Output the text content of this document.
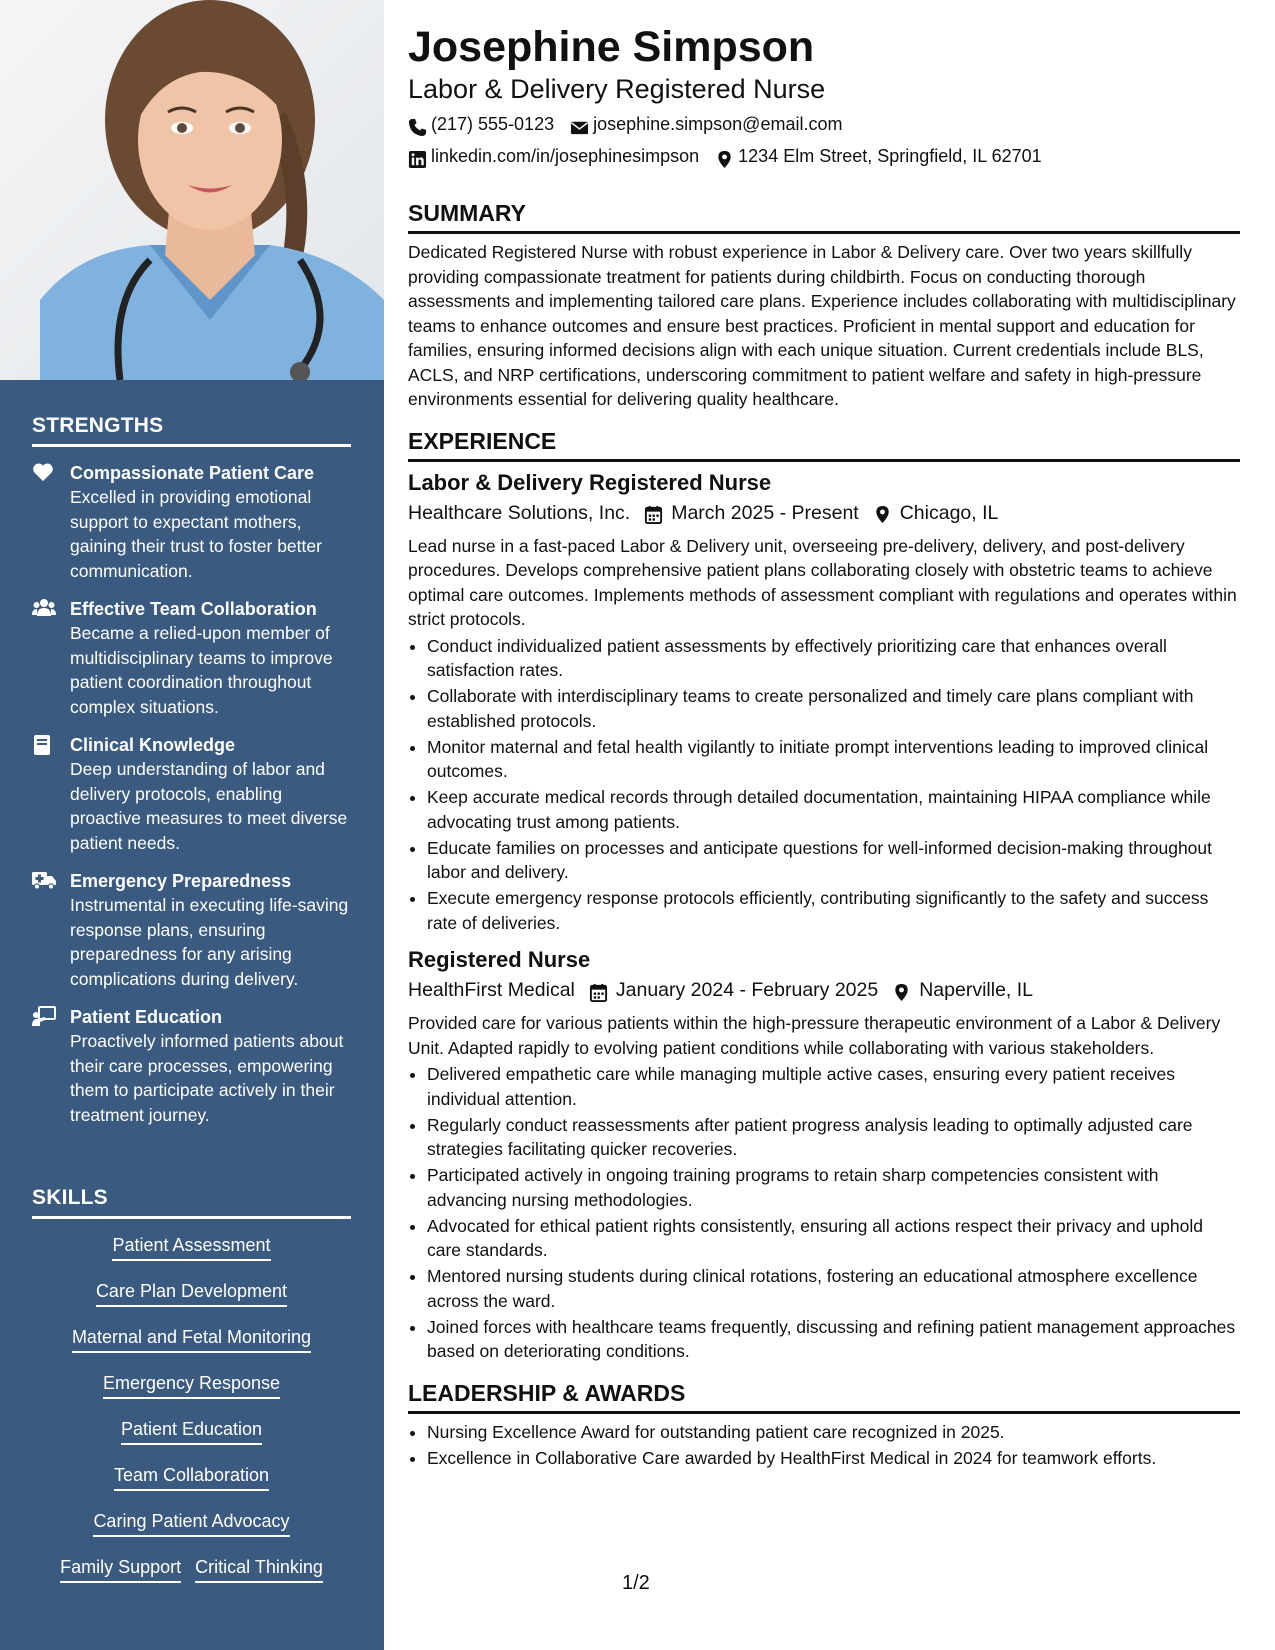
STRENGTHS
Compassionate Patient Care
Excelled in providing emotional support to expectant mothers, gaining their trust to foster better communication.
Effective Team Collaboration
Became a relied-upon member of multidisciplinary teams to improve patient coordination throughout complex situations.
Clinical Knowledge
Deep understanding of labor and delivery protocols, enabling proactive measures to meet diverse patient needs.
Emergency Preparedness
Instrumental in executing life-saving response plans, ensuring preparedness for any arising complications during delivery.
Patient Education
Proactively informed patients about their care processes, empowering them to participate actively in their treatment journey.
SKILLS
Patient Assessment
Care Plan Development
Maternal and Fetal Monitoring
Emergency Response
Patient Education
Team Collaboration
Caring Patient Advocacy
Family Support Critical Thinking
Josephine Simpson
Labor & Delivery Registered Nurse
(217) 555-0123 josephine.simpson@email.com
linkedin.com/in/josephinesimpson 1234 Elm Street, Springfield, IL 62701
SUMMARY

Dedicated Registered Nurse with robust experience in Labor & Delivery care. Over two years skillfully providing compassionate treatment for patients during childbirth. Focus on conducting thorough assessments and implementing tailored care plans. Experience includes collaborating with multidisciplinary teams to enhance outcomes and ensure best practices. Proficient in mental support and education for families, ensuring informed decisions align with each unique situation. Current credentials include BLS, ACLS, and NRP certifications, underscoring commitment to patient welfare and safety in high-pressure environments essential for delivering quality healthcare.

EXPERIENCE
Labor & Delivery Registered Nurse
Healthcare Solutions, Inc. March 2025 - Present Chicago, IL

Lead nurse in a fast-paced Labor & Delivery unit, overseeing pre-delivery, delivery, and post-delivery procedures. Develops comprehensive patient plans collaborating closely with obstetric teams to achieve optimal care outcomes. Implements methods of assessment compliant with regulations and operates within strict protocols.

• Conduct individualized patient assessments by effectively prioritizing care that enhances overall satisfaction rates.
• Collaborate with interdisciplinary teams to create personalized and timely care plans compliant with established protocols.
• Monitor maternal and fetal health vigilantly to initiate prompt interventions leading to improved clinical outcomes.
• Keep accurate medical records through detailed documentation, maintaining HIPAA compliance while advocating trust among patients.
• Educate families on processes and anticipate questions for well-informed decision-making throughout labor and delivery.
• Execute emergency response protocols efficiently, contributing significantly to the safety and success rate of deliveries.
Registered Nurse
HealthFirst Medical January 2024 - February 2025 Naperville, IL

Provided care for various patients within the high-pressure therapeutic environment of a Labor & Delivery Unit. Adapted rapidly to evolving patient conditions while collaborating with various stakeholders.

• Delivered empathetic care while managing multiple active cases, ensuring every patient receives individual attention.
• Regularly conduct reassessments after patient progress analysis leading to optimally adjusted care strategies facilitating quicker recoveries.
• Participated actively in ongoing training programs to retain sharp competencies consistent with advancing nursing methodologies.
• Advocated for ethical patient rights consistently, ensuring all actions respect their privacy and uphold care standards.
• Mentored nursing students during clinical rotations, fostering an educational atmosphere excellence across the ward.
• Joined forces with healthcare teams frequently, discussing and refining patient management approaches based on deteriorating conditions.
LEADERSHIP & AWARDS
• Nursing Excellence Award for outstanding patient care recognized in 2025.
• Excellence in Collaborative Care awarded by HealthFirst Medical in 2024 for teamwork efforts.
1/2
